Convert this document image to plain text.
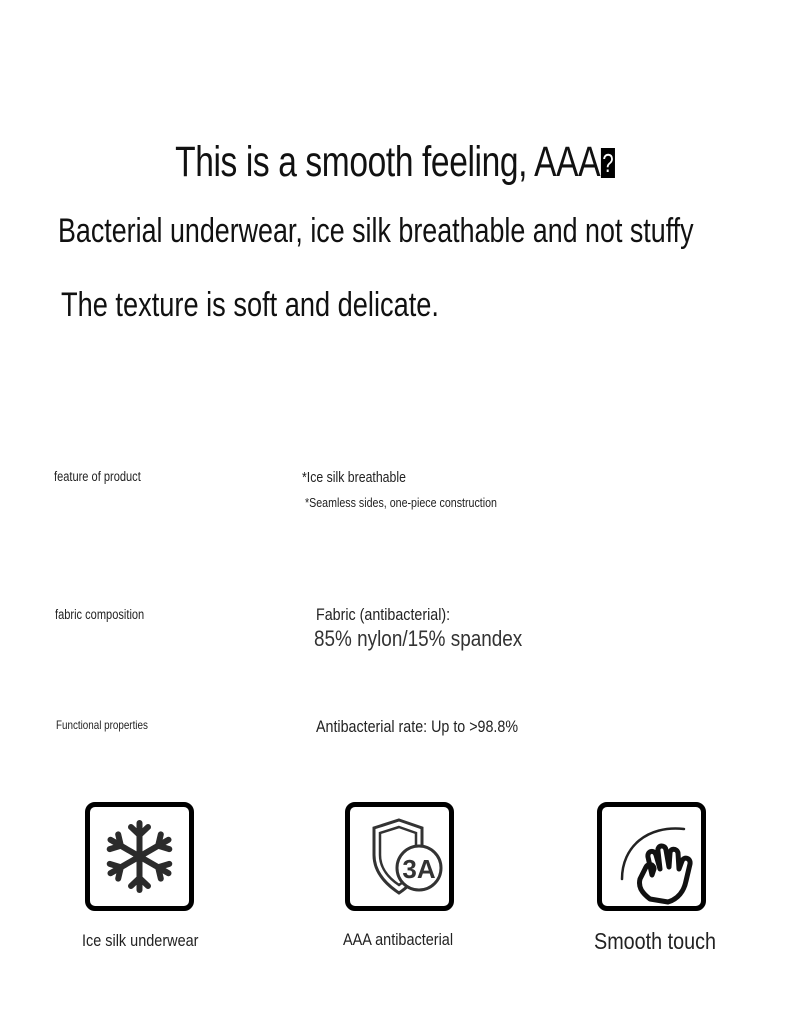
This is a smooth feeling, AAA?
Bacterial underwear, ice silk breathable and not stuffy
The texture is soft and delicate.
feature of product	*Ice silk breathable
*Seamless sides, one-piece construction
fabric composition	Fabric (antibacterial):
85% nylon/15% spandex
Functional properties	Antibacterial rate: Up to >98.8%
Ice silk underwear
3A
AAA antibacterial	Smooth touch
